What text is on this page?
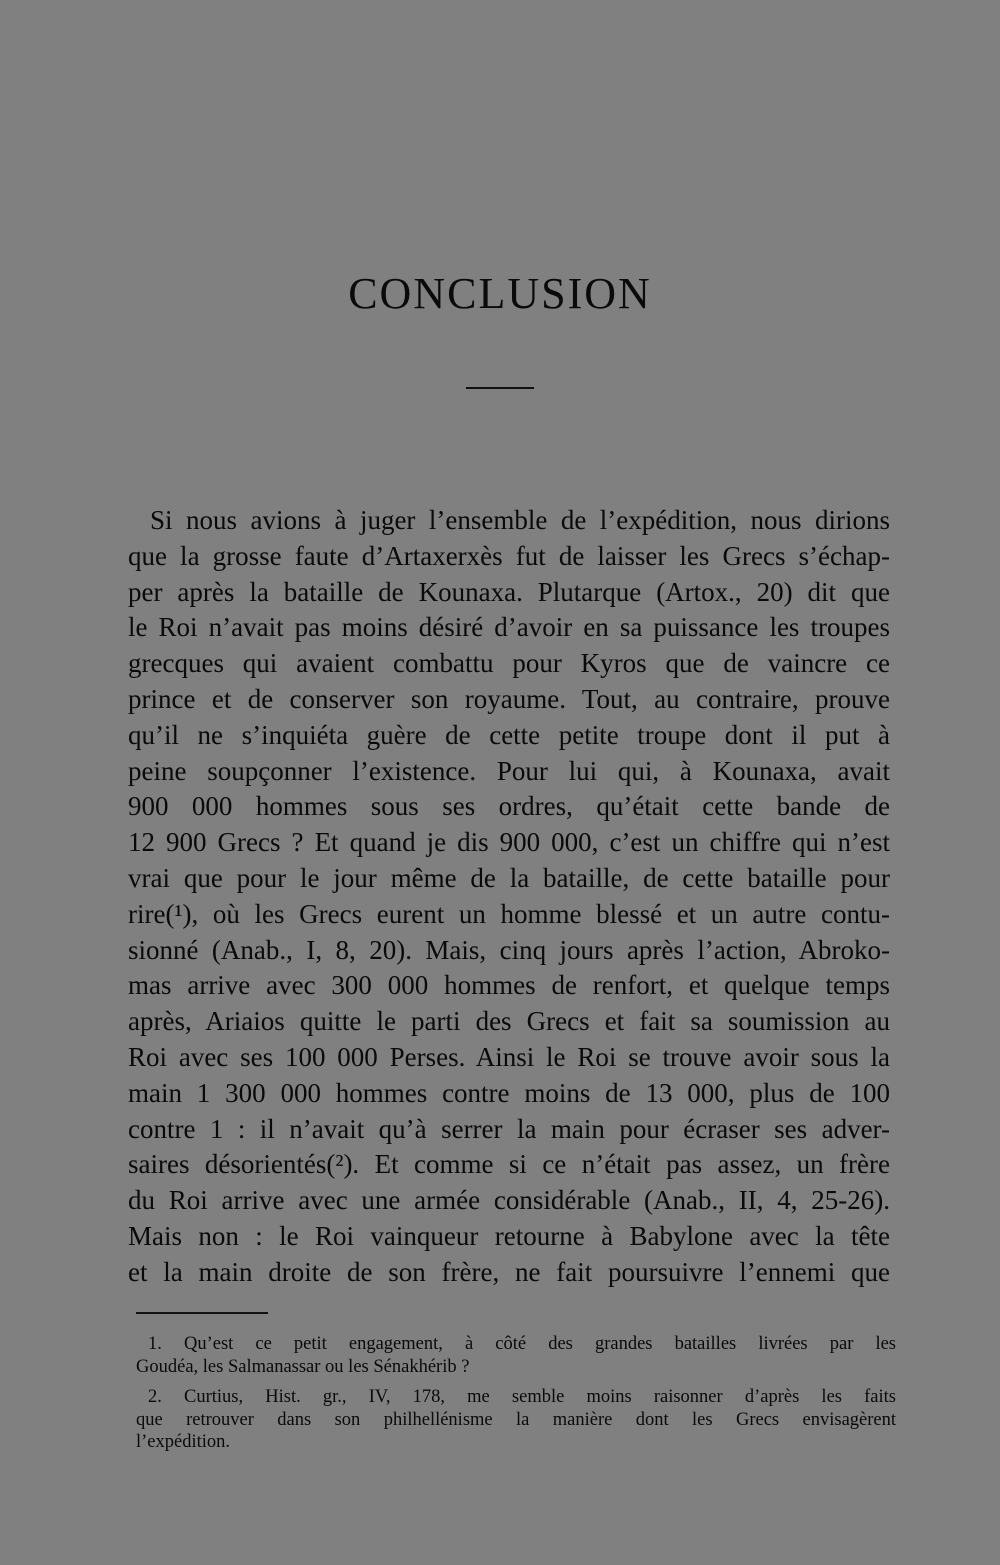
CONCLUSION
Si nous avions à juger l’ensemble de l’expédition, nous dirions
que la grosse faute d’Artaxerxès fut de laisser les Grecs s’échap-
per après la bataille de Kounaxa. Plutarque (Artox., 20) dit que
le Roi n’avait pas moins désiré d’avoir en sa puissance les troupes
grecques qui avaient combattu pour Kyros que de vaincre ce
prince et de conserver son royaume. Tout, au contraire, prouve
qu’il ne s’inquiéta guère de cette petite troupe dont il put à
peine soupçonner l’existence. Pour lui qui, à Kounaxa, avait
900 000 hommes sous ses ordres, qu’était cette bande de
12 900 Grecs ? Et quand je dis 900 000, c’est un chiffre qui n’est
vrai que pour le jour même de la bataille, de cette bataille pour
rire(¹), où les Grecs eurent un homme blessé et un autre contu-
sionné (Anab., I, 8, 20). Mais, cinq jours après l’action, Abroko-
mas arrive avec 300 000 hommes de renfort, et quelque temps
après, Ariaios quitte le parti des Grecs et fait sa soumission au
Roi avec ses 100 000 Perses. Ainsi le Roi se trouve avoir sous la
main 1 300 000 hommes contre moins de 13 000, plus de 100
contre 1 : il n’avait qu’à serrer la main pour écraser ses adver-
saires désorientés(²). Et comme si ce n’était pas assez, un frère
du Roi arrive avec une armée considérable (Anab., II, 4, 25-26).
Mais non : le Roi vainqueur retourne à Babylone avec la tête
et la main droite de son frère, ne fait poursuivre l’ennemi que
1. Qu’est ce petit engagement, à côté des grandes batailles livrées par les
Goudéa, les Salmanassar ou les Sénakhérib ?
2. Curtius, Hist. gr., IV, 178, me semble moins raisonner d’après les faits
que retrouver dans son philhellénisme la manière dont les Grecs envisagèrent
l’expédition.
